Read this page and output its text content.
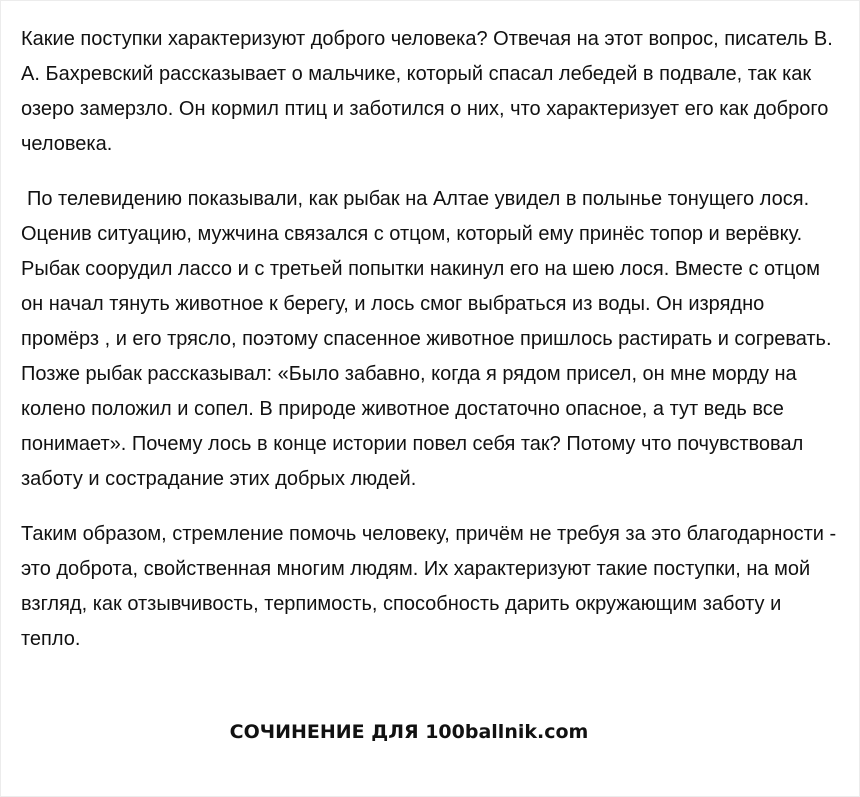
Какие поступки характеризуют доброго человека? Отвечая на этот вопрос, писатель В. А. Бахревский рассказывает о мальчике, который спасал лебедей в подвале, так как озеро замерзло. Он кормил птиц и заботился о них, что характеризует его как доброго человека.

По телевидению показывали, как рыбак на Алтае увидел в полынье тонущего лося. Оценив ситуацию, мужчина связался с отцом, который ему принёс топор и верёвку. Рыбак соорудил лассо и с третьей попытки накинул его на шею лося. Вместе с отцом он начал тянуть животное к берегу, и лось смог выбраться из воды. Он изрядно промёрз , и его трясло, поэтому спасенное животное пришлось растирать и согревать. Позже рыбак рассказывал: «Было забавно, когда я рядом присел, он мне морду на колено положил и сопел. В природе животное достаточно опасное, а тут ведь все понимает». Почему лось в конце истории повел себя так? Потому что почувствовал заботу и сострадание этих добрых людей.

Таким образом, стремление помочь человеку, причём не требуя за это благодарности - это доброта, свойственная многим людям. Их характеризуют такие поступки, на мой взгляд, как отзывчивость, терпимость, способность дарить окружающим заботу и тепло.

СОЧИНЕНИЕ ДЛЯ 100ballnik.com
